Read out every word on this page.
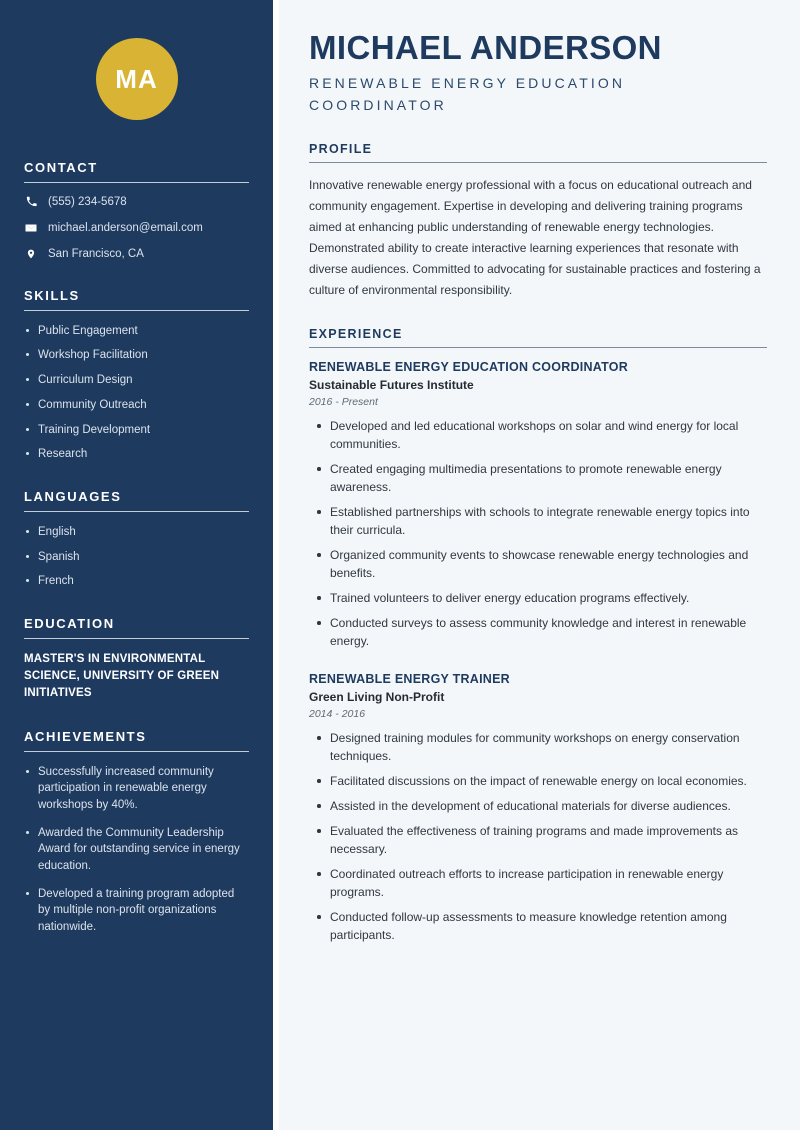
MA
CONTACT
(555) 234-5678
michael.anderson@email.com
San Francisco, CA
SKILLS
Public Engagement
Workshop Facilitation
Curriculum Design
Community Outreach
Training Development
Research
LANGUAGES
English
Spanish
French
EDUCATION
MASTER'S IN ENVIRONMENTAL SCIENCE, UNIVERSITY OF GREEN INITIATIVES
ACHIEVEMENTS
Successfully increased community participation in renewable energy workshops by 40%.
Awarded the Community Leadership Award for outstanding service in energy education.
Developed a training program adopted by multiple non-profit organizations nationwide.
MICHAEL ANDERSON
RENEWABLE ENERGY EDUCATION COORDINATOR
PROFILE

Innovative renewable energy professional with a focus on educational outreach and community engagement. Expertise in developing and delivering training programs aimed at enhancing public understanding of renewable energy technologies. Demonstrated ability to create interactive learning experiences that resonate with diverse audiences. Committed to advocating for sustainable practices and fostering a culture of environmental responsibility.

EXPERIENCE
RENEWABLE ENERGY EDUCATION COORDINATOR
Sustainable Futures Institute
2016 - Present
Developed and led educational workshops on solar and wind energy for local communities.
Created engaging multimedia presentations to promote renewable energy awareness.
Established partnerships with schools to integrate renewable energy topics into their curricula.
Organized community events to showcase renewable energy technologies and benefits.
Trained volunteers to deliver energy education programs effectively.
Conducted surveys to assess community knowledge and interest in renewable energy.
RENEWABLE ENERGY TRAINER
Green Living Non-Profit
2014 - 2016
Designed training modules for community workshops on energy conservation techniques.
Facilitated discussions on the impact of renewable energy on local economies.
Assisted in the development of educational materials for diverse audiences.
Evaluated the effectiveness of training programs and made improvements as necessary.
Coordinated outreach efforts to increase participation in renewable energy programs.
Conducted follow-up assessments to measure knowledge retention among participants.
